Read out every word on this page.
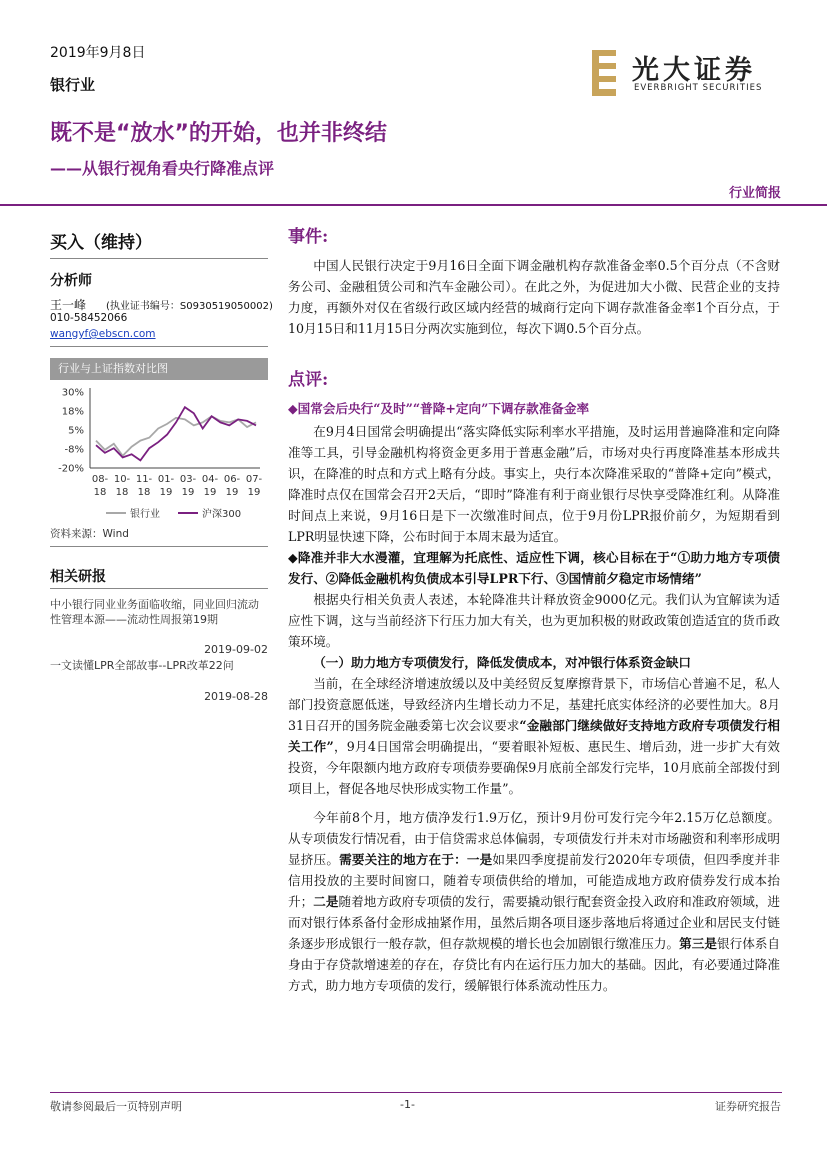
2019年9月8日
银行业	光大证券
EVERBRIGHT SECURITIES
既不是“放水”的开始，也并非终结
——从银行视角看央行降准点评
行业简报
买入（维持）
分析师
王一峰 (执业证书编号：S0930519050002)
010-58452066
wangyf@ebscn.com
行业与上证指数对比图
30%
18%
5%
-8%
-20%
08-
18
10-
18
11-
18
01-
19
03-
19
04-
19
06-
19
07-
19
银行业	沪深300
资料来源：Wind
相关研报
中小银行同业业务面临收缩，同业回归流动性管理本源——流动性周报第19期
2019-09-02
一文读懂LPR全部故事--LPR改革22问
2019-08-28
事件:

中国人民银行决定于9月16日全面下调金融机构存款准备金率0.5个百分点（不含财务公司、金融租赁公司和汽车金融公司）。在此之外，为促进加大小微、民营企业的支持力度，再额外对仅在省级行政区域内经营的城商行定向下调存款准备金率1个百分点，于10月15日和11月15日分两次实施到位，每次下调0.5个百分点。

点评:
◆国常会后央行“及时”“普降+定向”下调存款准备金率

在9月4日国常会明确提出“落实降低实际利率水平措施，及时运用普遍降准和定向降准等工具，引导金融机构将资金更多用于普惠金融”后，市场对央行再度降准基本形成共识，在降准的时点和方式上略有分歧。事实上，央行本次降准采取的“普降+定向”模式，降准时点仅在国常会召开2天后，“即时”降准有利于商业银行尽快享受降准红利。从降准时间点上来说，9月16日是下一次缴准时间点，位于9月份LPR报价前夕，为短期看到LPR明显快速下降，公布时间于本周末最为适宜。

◆降准并非大水漫灌，宜理解为托底性、适应性下调，核心目标在于“①助力地方专项债发行、②降低金融机构负债成本引导LPR下行、③国情前夕稳定市场情绪”

根据央行相关负责人表述，本轮降准共计释放资金9000亿元。我们认为宜解读为适应性下调，这与当前经济下行压力加大有关，也为更加积极的财政政策创造适宜的货币政策环境。

（一）助力地方专项债发行，降低发债成本，对冲银行体系资金缺口

当前，在全球经济增速放缓以及中美经贸反复摩擦背景下，市场信心普遍不足，私人部门投资意愿低迷，导致经济内生增长动力不足，基建托底实体经济的必要性加大。8月31日召开的国务院金融委第七次会议要求“金融部门继续做好支持地方政府专项债发行相关工作”，9月4日国常会明确提出，“要着眼补短板、惠民生、增后劲，进一步扩大有效投资，今年限额内地方政府专项债券要确保9月底前全部发行完毕，10月底前全部拨付到项目上，督促各地尽快形成实物工作量”。

今年前8个月，地方债净发行1.9万亿，预计9月份可发行完今年2.15万亿总额度。从专项债发行情况看，由于信贷需求总体偏弱，专项债发行并未对市场融资和利率形成明显挤压。需要关注的地方在于：一是如果四季度提前发行2020年专项债，但四季度并非信用投放的主要时间窗口，随着专项债供给的增加，可能造成地方政府债券发行成本抬升；二是随着地方政府专项债的发行，需要撬动银行配套资金投入政府和准政府领域，进而对银行体系备付金形成抽紧作用，虽然后期各项目逐步落地后将通过企业和居民支付链条逐步形成银行一般存款，但存款规模的增长也会加剧银行缴准压力。第三是银行体系自身由于存贷款增速差的存在，存贷比有内在运行压力加大的基础。因此，有必要通过降准方式，助力地方专项债的发行，缓解银行体系流动性压力。

敬请参阅最后一页特别声明	-1-	证券研究报告
